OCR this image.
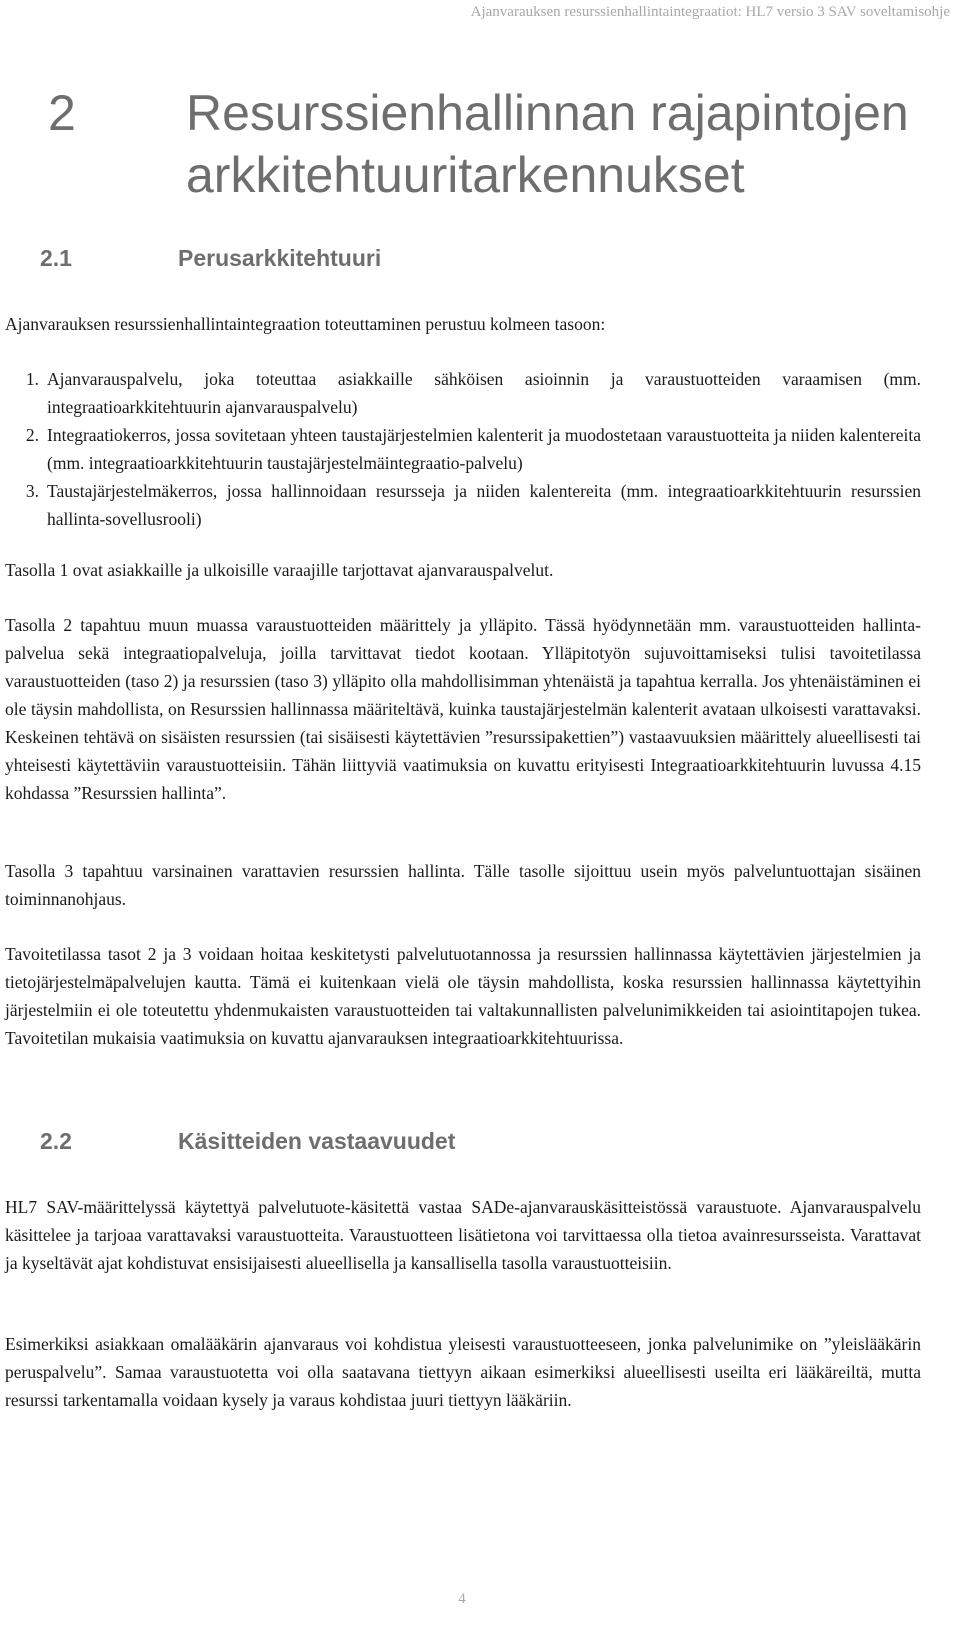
Ajanvarauksen resurssienhallintaintegraatiot: HL7 versio 3 SAV soveltamisohje
2 Resurssienhallinnan rajapintojen arkkitehtuuritarkennukset
2.1	Perusarkkitehtuuri

Ajanvarauksen resurssienhallintaintegraation toteuttaminen perustuu kolmeen tasoon:

1. Ajanvarauspalvelu, joka toteuttaa asiakkaille sähköisen asioinnin ja varaustuotteiden varaamisen (mm. integraatioarkkitehtuurin ajanvarauspalvelu)
2. Integraatiokerros, jossa sovitetaan yhteen taustajärjestelmien kalenterit ja muodostetaan varaustuotteita ja niiden kalentereita (mm. integraatioarkkitehtuurin taustajärjestelmäintegraatio-palvelu)
3. Taustajärjestelmäkerros, jossa hallinnoidaan resursseja ja niiden kalentereita (mm. integraatioarkkitehtuurin resurssien hallinta-sovellusrooli)

Tasolla 1 ovat asiakkaille ja ulkoisille varaajille tarjottavat ajanvarauspalvelut.

Tasolla 2 tapahtuu muun muassa varaustuotteiden määrittely ja ylläpito. Tässä hyödynnetään mm. varaustuotteiden hallinta-palvelua sekä integraatiopalveluja, joilla tarvittavat tiedot kootaan. Ylläpitotyön sujuvoittamiseksi tulisi tavoitetilassa varaustuotteiden (taso 2) ja resurssien (taso 3) ylläpito olla mahdollisimman yhtenäistä ja tapahtua kerralla. Jos yhtenäistäminen ei ole täysin mahdollista, on Resurssien hallinnassa määriteltävä, kuinka taustajärjestelmän kalenterit avataan ulkoisesti varattavaksi. Keskeinen tehtävä on sisäisten resurssien (tai sisäisesti käytettävien ”resurssipakettien”) vastaavuuksien määrittely alueellisesti tai yhteisesti käytettäviin varaustuotteisiin. Tähän liittyviä vaatimuksia on kuvattu erityisesti Integraatioarkkitehtuurin luvussa 4.15 kohdassa ”Resurssien hallinta”.

Tasolla 3 tapahtuu varsinainen varattavien resurssien hallinta. Tälle tasolle sijoittuu usein myös palveluntuottajan sisäinen toiminnanohjaus.

Tavoitetilassa tasot 2 ja 3 voidaan hoitaa keskitetysti palvelutuotannossa ja resurssien hallinnassa käytettävien järjestelmien ja tietojärjestelmäpalvelujen kautta. Tämä ei kuitenkaan vielä ole täysin mahdollista, koska resurssien hallinnassa käytettyihin järjestelmiin ei ole toteutettu yhdenmukaisten varaustuotteiden tai valtakunnallisten palvelunimikkeiden tai asiointitapojen tukea. Tavoitetilan mukaisia vaatimuksia on kuvattu ajanvarauksen integraatioarkkitehtuurissa.

2.2	Käsitteiden vastaavuudet

HL7 SAV-määrittelyssä käytettyä palvelutuote-käsitettä vastaa SADe-ajanvarauskäsitteistössä varaustuote. Ajanvarauspalvelu käsittelee ja tarjoaa varattavaksi varaustuotteita. Varaustuotteen lisätietona voi tarvittaessa olla tietoa avainresursseista. Varattavat ja kyseltävät ajat kohdistuvat ensisijaisesti alueellisella ja kansallisella tasolla varaustuotteisiin.

Esimerkiksi asiakkaan omalääkärin ajanvaraus voi kohdistua yleisesti varaustuotteeseen, jonka palvelunimike on ”yleislääkärin peruspalvelu”. Samaa varaustuotetta voi olla saatavana tiettyyn aikaan esimerkiksi alueellisesti useilta eri lääkäreiltä, mutta resurssi tarkentamalla voidaan kysely ja varaus kohdistaa juuri tiettyyn lääkäriin.

4
